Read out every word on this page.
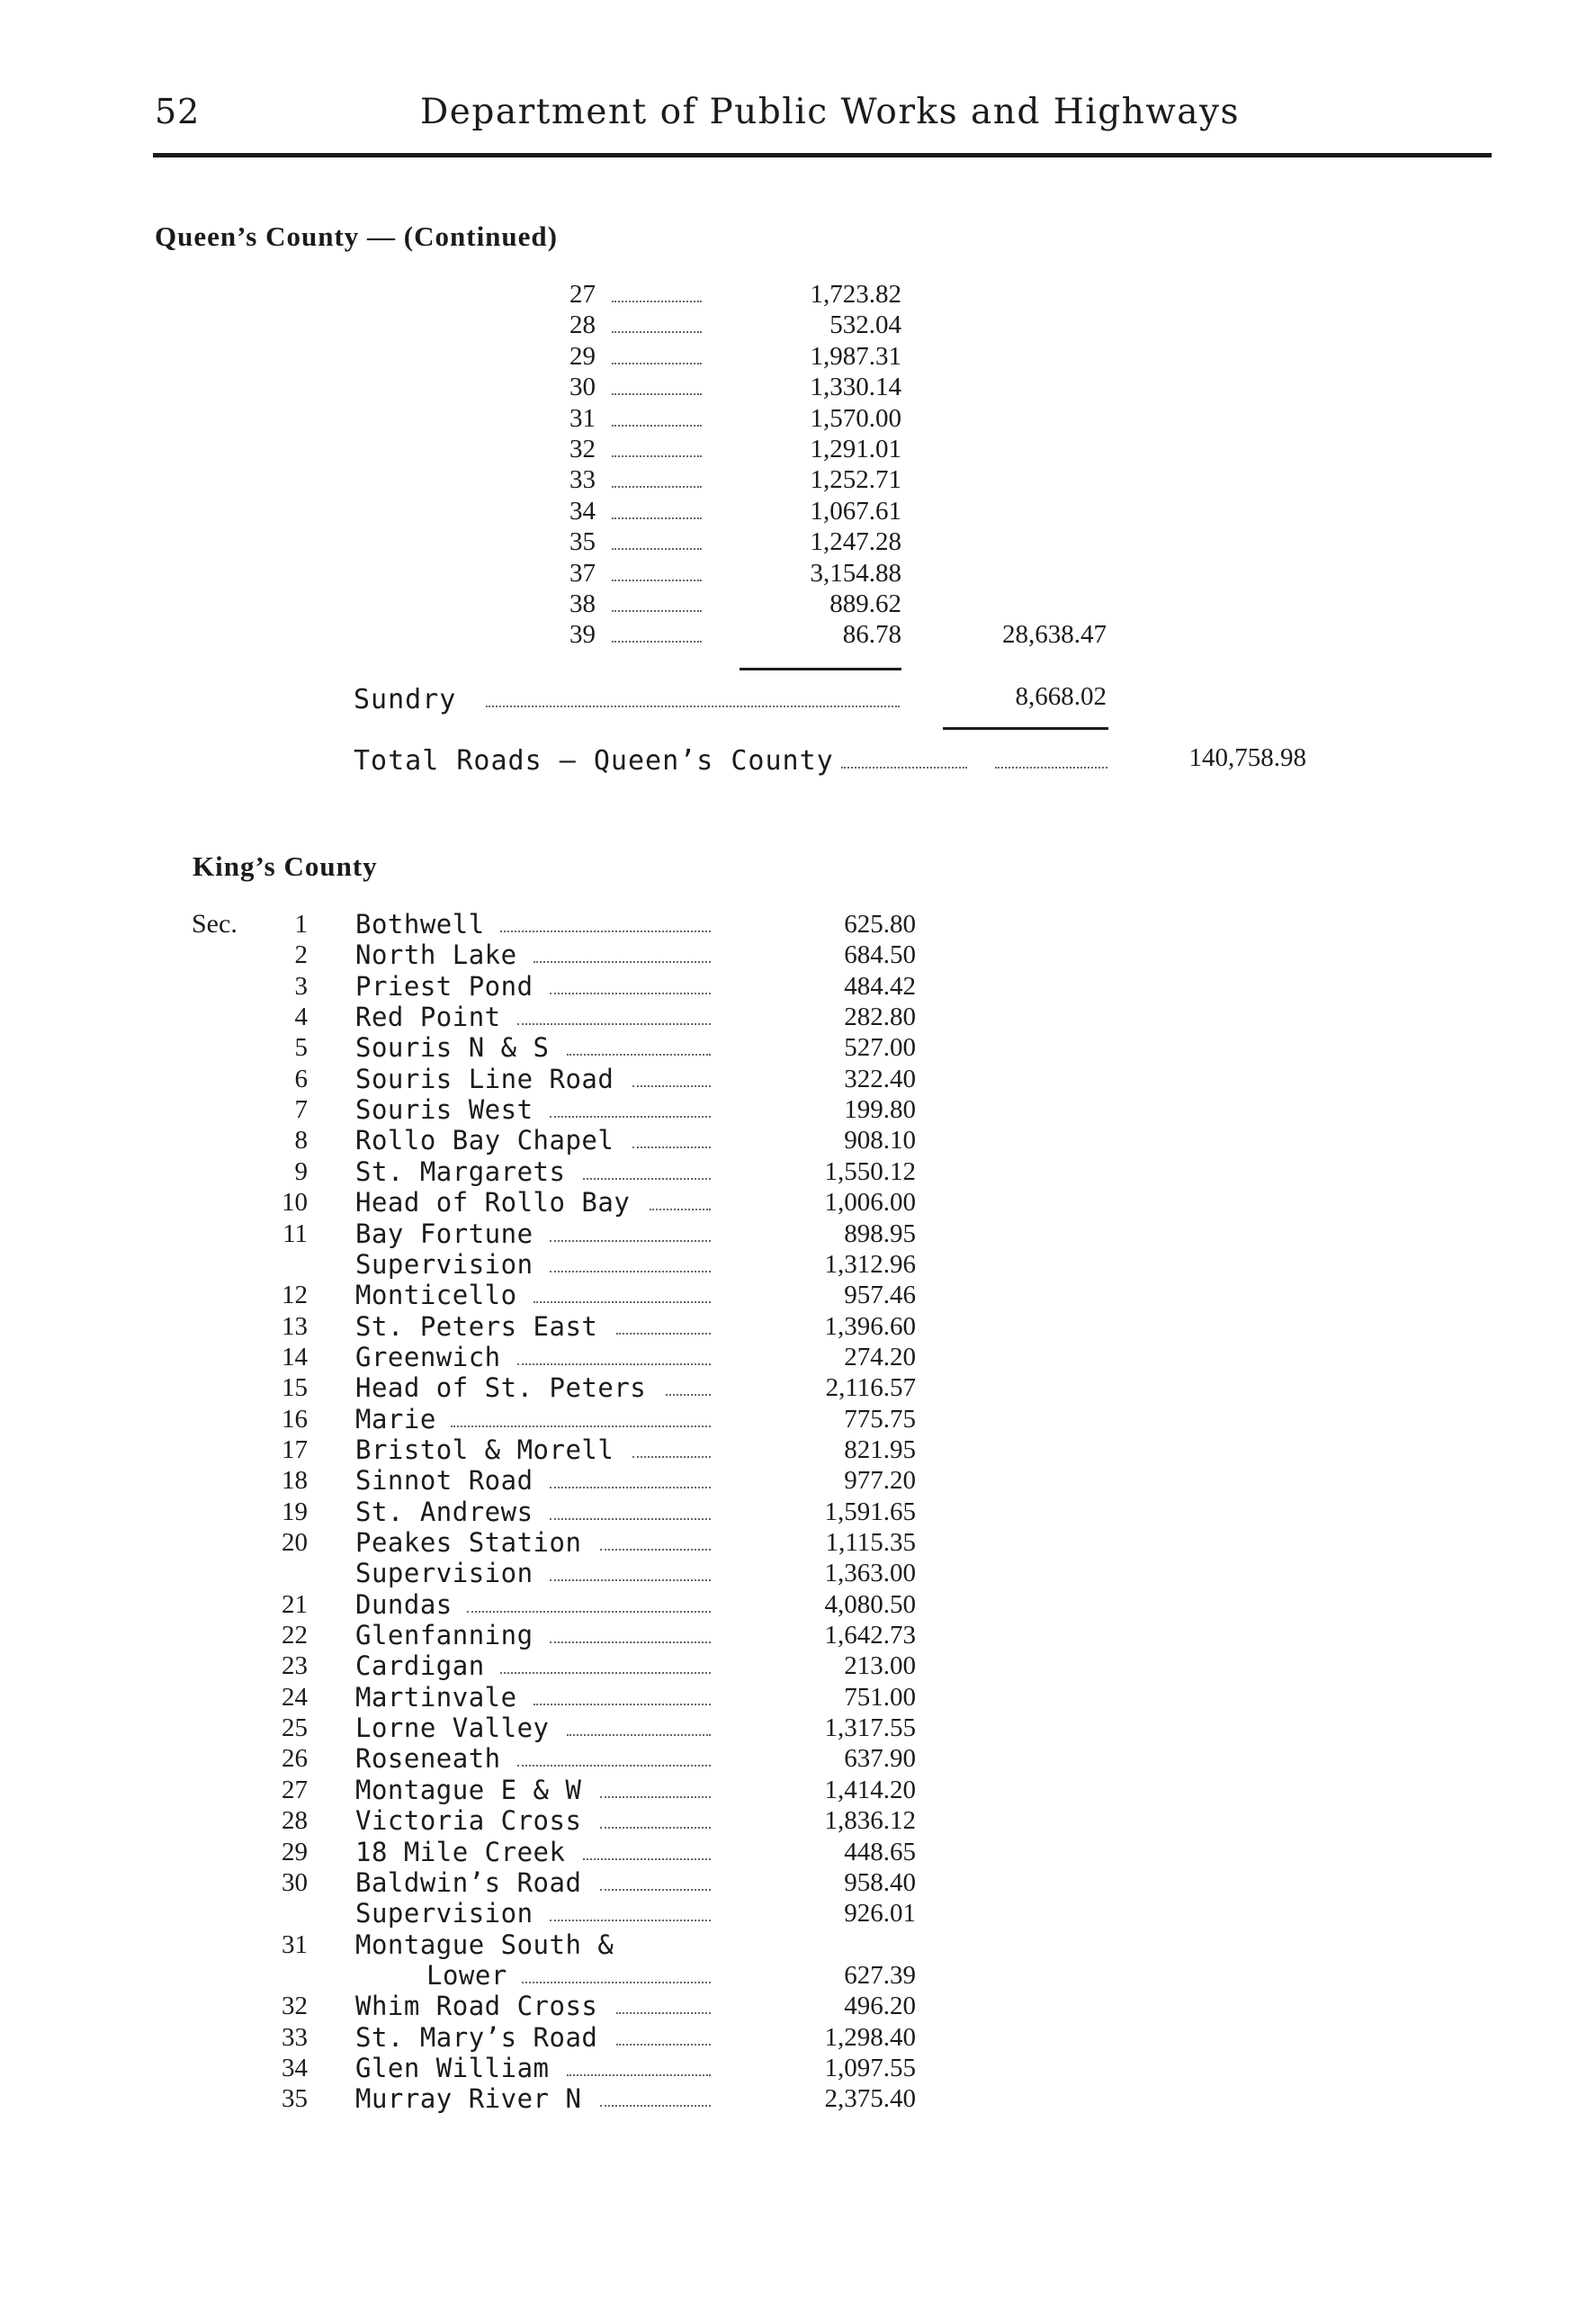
52	Department of Public Works and Highways
Queen’s County — (Continued)
27	1,723.82
28	532.04
29	1,987.31
30	1,330.14
31	1,570.00
32	1,291.01
33	1,252.71
34	1,067.61
35	1,247.28
37	3,154.88
38	889.62
39	86.78	28,638.47
Sundry	8,668.02
Total Roads — Queen’s County	140,758.98
King’s County
Sec.	1 Bothwell	625.80
2 North Lake	684.50
3 Priest Pond	484.42
4 Red Point	282.80
5 Souris N & S	527.00
6 Souris Line Road	322.40
7 Souris West	199.80
8 Rollo Bay Chapel	908.10
9 St. Margarets	1,550.12
10 Head of Rollo Bay	1,006.00
11 Bay Fortune	898.95
Supervision	1,312.96
12 Monticello	957.46
13 St. Peters East	1,396.60
14 Greenwich	274.20
15 Head of St. Peters	2,116.57
16 Marie	775.75
17 Bristol & Morell	821.95
18 Sinnot Road	977.20
19 St. Andrews	1,591.65
20 Peakes Station	1,115.35
Supervision	1,363.00
21 Dundas	4,080.50
22 Glenfanning	1,642.73
23 Cardigan	213.00
24 Martinvale	751.00
25 Lorne Valley	1,317.55
26 Roseneath	637.90
27 Montague E & W	1,414.20
28 Victoria Cross	1,836.12
29 18 Mile Creek	448.65
30 Baldwin’s Road	958.40
Supervision	926.01
31 Montague South &
Lower	627.39
32 Whim Road Cross	496.20
33 St. Mary’s Road	1,298.40
34 Glen William	1,097.55
35 Murray River N	2,375.40
